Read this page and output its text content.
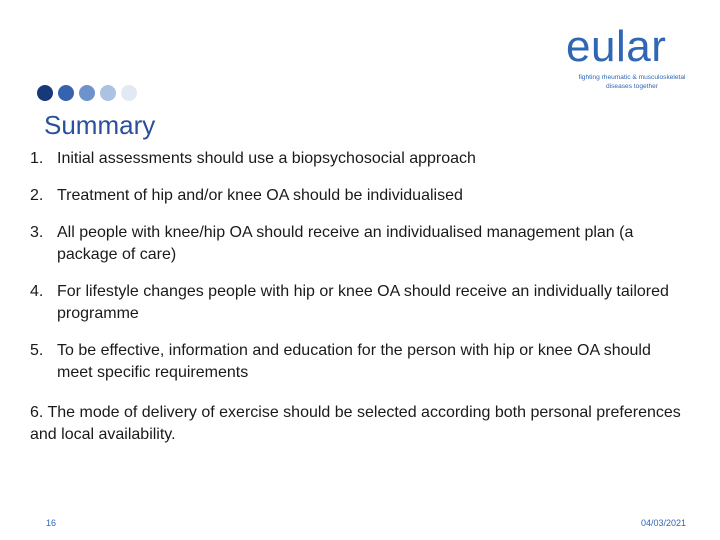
eular
fighting rheumatic & musculoskeletal
diseases together
Summary
1. Initial assessments should use a biopsychosocial approach
2. Treatment of hip and/or knee OA should be individualised
3. All people with knee/hip OA should receive an individualised management plan (a package of care)
4. For lifestyle changes people with hip or knee OA should receive an individually tailored programme
5. To be effective, information and education for the person with hip or knee OA should meet specific requirements
6. The mode of delivery of exercise should be selected according both personal preferences and local availability.
16	04/03/2021
